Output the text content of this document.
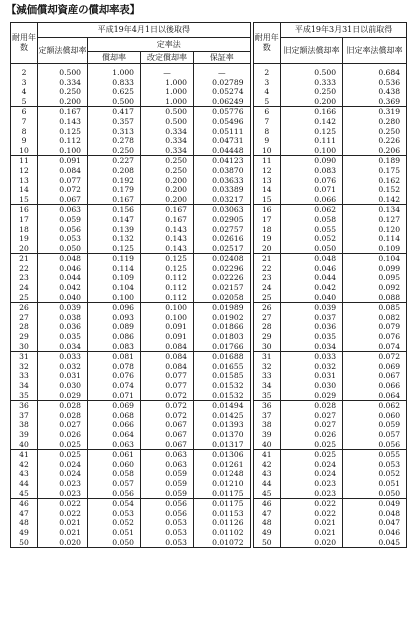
【減価償却資産の償却率表】
耐用年数	平成19年4月1日以後取得				耐用年数	平成19年3月31日以前取得	
	定額法償却率	定率法				旧定額法償却率	旧定率法償却率
		償却率	改定償却率	保証率			

2	0.500	1.000	—	—	2	0.500	0.684
3	0.334	0.833	1.000	0.02789	3	0.333	0.536
4	0.250	0.625	1.000	0.05274	4	0.250	0.438
5	0.200	0.500	1.000	0.06249	5	0.200	0.369
6	0.167	0.417	0.500	0.05776	6	0.166	0.319
7	0.143	0.357	0.500	0.05496	7	0.142	0.280
8	0.125	0.313	0.334	0.05111	8	0.125	0.250
9	0.112	0.278	0.334	0.04731	9	0.111	0.226
10	0.100	0.250	0.334	0.04448	10	0.100	0.206
11	0.091	0.227	0.250	0.04123	11	0.090	0.189
12	0.084	0.208	0.250	0.03870	12	0.083	0.175
13	0.077	0.192	0.200	0.03633	13	0.076	0.162
14	0.072	0.179	0.200	0.03389	14	0.071	0.152
15	0.067	0.167	0.200	0.03217	15	0.066	0.142
16	0.063	0.156	0.167	0.03063	16	0.062	0.134
17	0.059	0.147	0.167	0.02905	17	0.058	0.127
18	0.056	0.139	0.143	0.02757	18	0.055	0.120
19	0.053	0.132	0.143	0.02616	19	0.052	0.114
20	0.050	0.125	0.143	0.02517	20	0.050	0.109
21	0.048	0.119	0.125	0.02408	21	0.048	0.104
22	0.046	0.114	0.125	0.02296	22	0.046	0.099
23	0.044	0.109	0.112	0.02226	23	0.044	0.095
24	0.042	0.104	0.112	0.02157	24	0.042	0.092
25	0.040	0.100	0.112	0.02058	25	0.040	0.088
26	0.039	0.096	0.100	0.01989	26	0.039	0.085
27	0.038	0.093	0.100	0.01902	27	0.037	0.082
28	0.036	0.089	0.091	0.01866	28	0.036	0.079
29	0.035	0.086	0.091	0.01803	29	0.035	0.076
30	0.034	0.083	0.084	0.01766	30	0.034	0.074
31	0.033	0.081	0.084	0.01688	31	0.033	0.072
32	0.032	0.078	0.084	0.01655	32	0.032	0.069
33	0.031	0.076	0.077	0.01585	33	0.031	0.067
34	0.030	0.074	0.077	0.01532	34	0.030	0.066
35	0.029	0.071	0.072	0.01532	35	0.029	0.064
36	0.028	0.069	0.072	0.01494	36	0.028	0.062
37	0.028	0.068	0.072	0.01425	37	0.027	0.060
38	0.027	0.066	0.067	0.01393	38	0.027	0.059
39	0.026	0.064	0.067	0.01370	39	0.026	0.057
40	0.025	0.063	0.067	0.01317	40	0.025	0.056
41	0.025	0.061	0.063	0.01306	41	0.025	0.055
42	0.024	0.060	0.063	0.01261	42	0.024	0.053
43	0.024	0.058	0.059	0.01248	43	0.024	0.052
44	0.023	0.057	0.059	0.01210	44	0.023	0.051
45	0.023	0.056	0.059	0.01175	45	0.023	0.050
46	0.022	0.054	0.056	0.01175	46	0.022	0.049
47	0.022	0.053	0.056	0.01153	47	0.022	0.048
48	0.021	0.052	0.053	0.01126	48	0.021	0.047
49	0.021	0.051	0.053	0.01102	49	0.021	0.046
50	0.020	0.050	0.053	0.01072	50	0.020	0.045
